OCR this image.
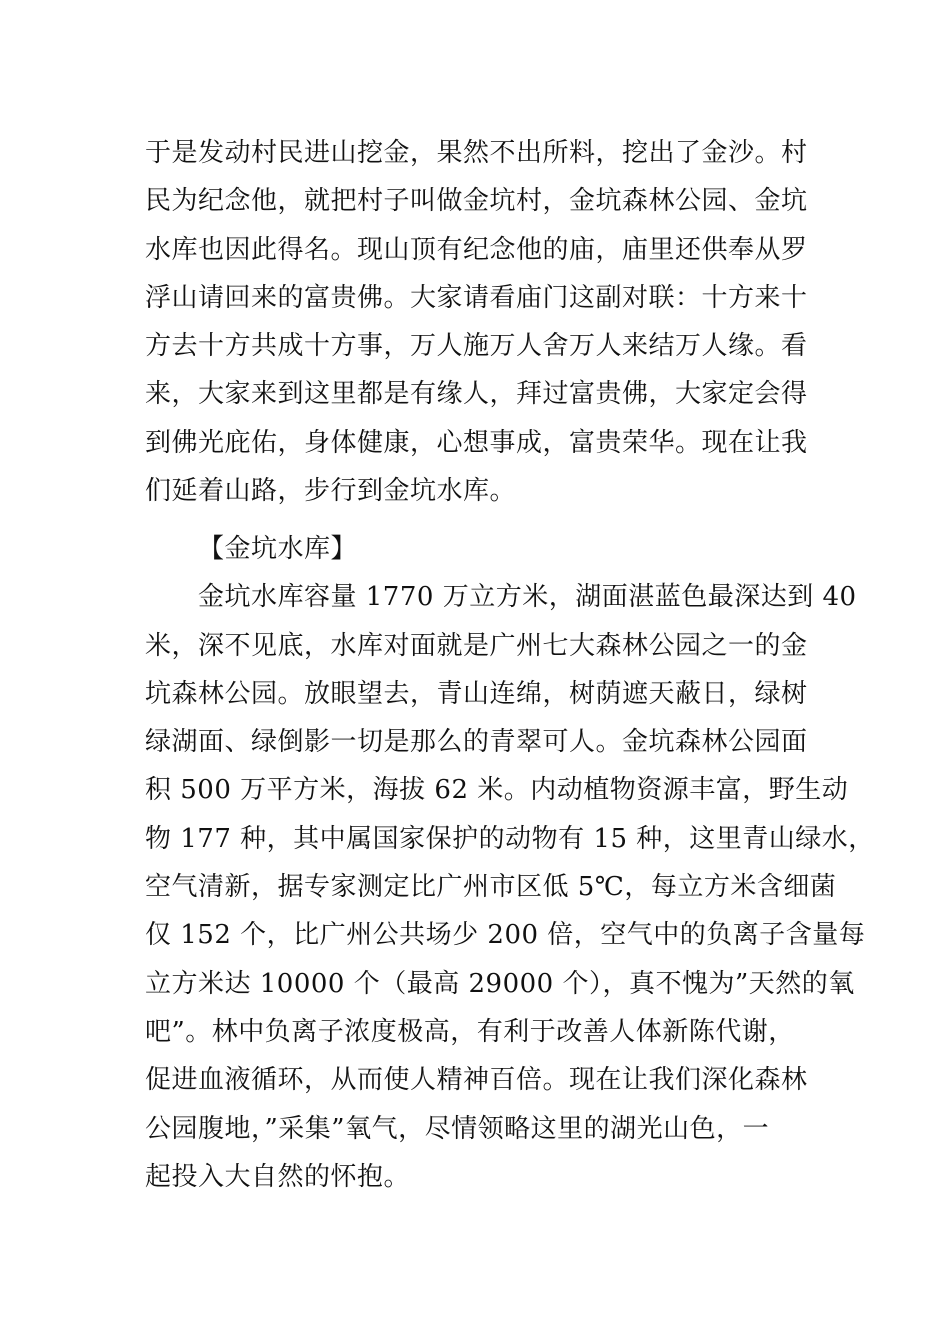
于是发动村民进山挖金，果然不出所料，挖出了金沙。村
民为纪念他，就把村子叫做金坑村，金坑森林公园、金坑
水库也因此得名。现山顶有纪念他的庙，庙里还供奉从罗
浮山请回来的富贵佛。大家请看庙门这副对联：十方来十
方去十方共成十方事，万人施万人舍万人来结万人缘。看
来，大家来到这里都是有缘人，拜过富贵佛，大家定会得
到佛光庇佑，身体健康，心想事成，富贵荣华。现在让我
们延着山路，步行到金坑水库。
【金坑水库】
金坑水库容量 1770 万立方米，湖面湛蓝色最深达到 40
米，深不见底，水库对面就是广州七大森林公园之一的金
坑森林公园。放眼望去，青山连绵，树荫遮天蔽日，绿树
绿湖面、绿倒影一切是那么的青翠可人。金坑森林公园面
积 500 万平方米，海拔 62 米。内动植物资源丰富，野生动
物 177 种，其中属国家保护的动物有 15 种，这里青山绿水，
空气清新，据专家测定比广州市区低 5℃，每立方米含细菌
仅 152 个，比广州公共场少 200 倍，空气中的负离子含量每
立方米达 10000 个（最高 29000 个），真不愧为”天然的氧
吧”。林中负离子浓度极高，有利于改善人体新陈代谢，
促进血液循环，从而使人精神百倍。现在让我们深化森林
公园腹地，”采集”氧气，尽情领略这里的湖光山色，一
起投入大自然的怀抱。
